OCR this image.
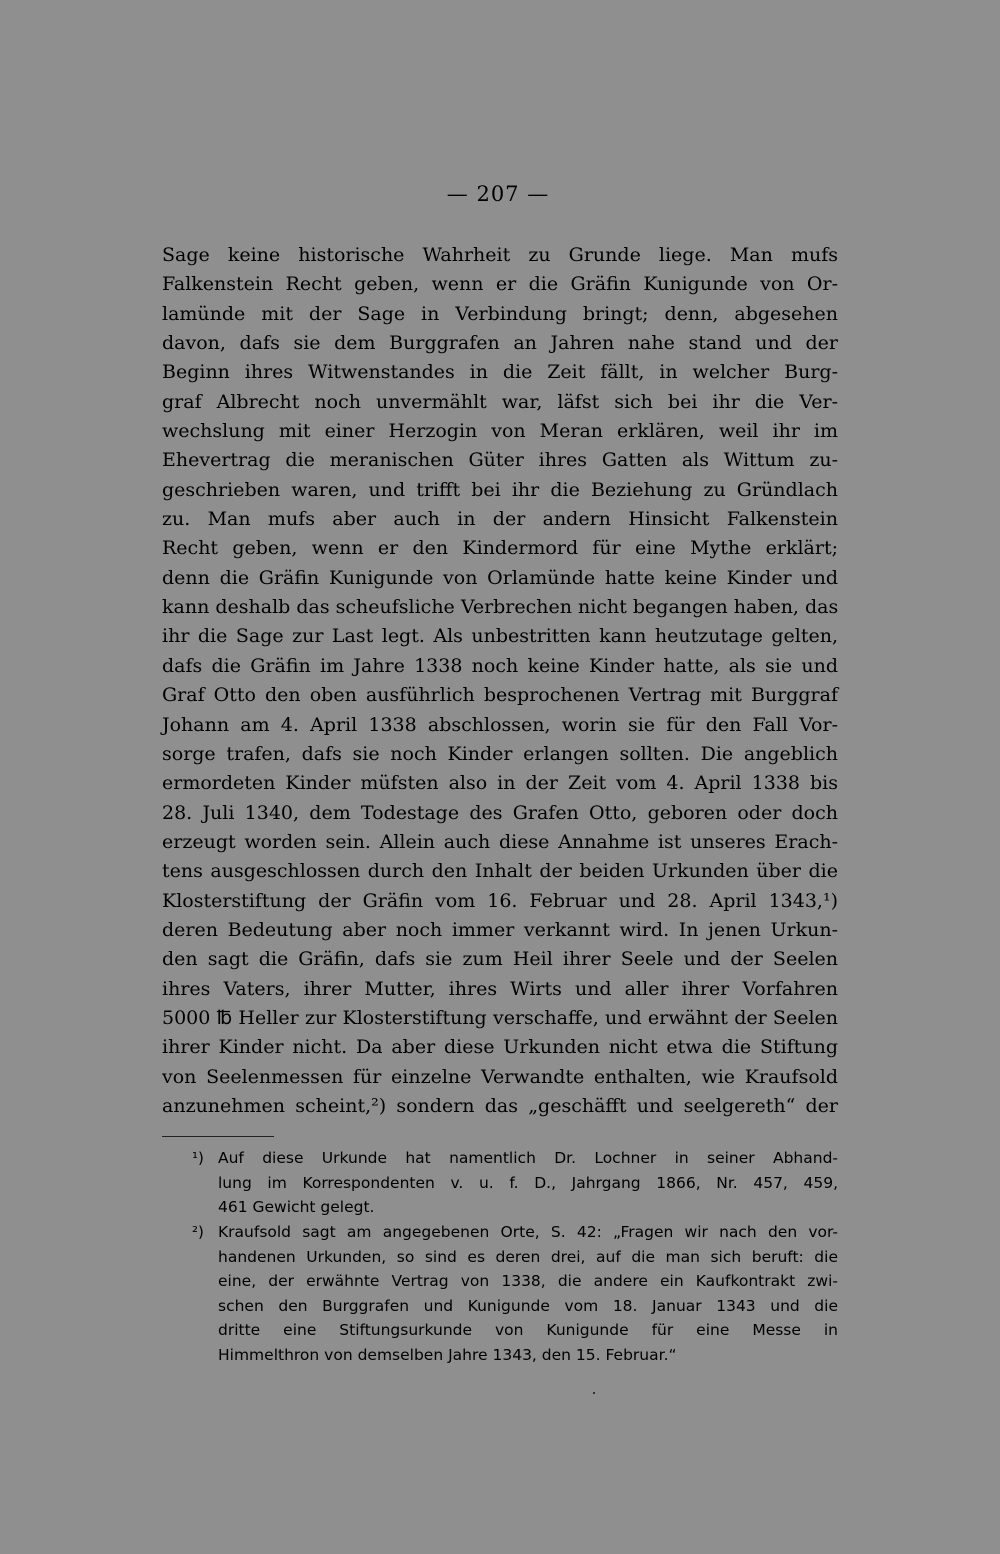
— 207 —
Sage keine historische Wahrheit zu Grunde liege. Man mufs
Falkenstein Recht geben, wenn er die Gräfin Kunigunde von Or-
lamünde mit der Sage in Verbindung bringt; denn, abgesehen
davon, dafs sie dem Burggrafen an Jahren nahe stand und der
Beginn ihres Witwenstandes in die Zeit fällt, in welcher Burg-
graf Albrecht noch unvermählt war, läfst sich bei ihr die Ver-
wechslung mit einer Herzogin von Meran erklären, weil ihr im
Ehevertrag die meranischen Güter ihres Gatten als Wittum zu-
geschrieben waren, und trifft bei ihr die Beziehung zu Gründlach
zu. Man mufs aber auch in der andern Hinsicht Falkenstein
Recht geben, wenn er den Kindermord für eine Mythe erklärt;
denn die Gräfin Kunigunde von Orlamünde hatte keine Kinder und
kann deshalb das scheufsliche Verbrechen nicht begangen haben, das
ihr die Sage zur Last legt. Als unbestritten kann heutzutage gelten,
dafs die Gräfin im Jahre 1338 noch keine Kinder hatte, als sie und
Graf Otto den oben ausführlich besprochenen Vertrag mit Burggraf
Johann am 4. April 1338 abschlossen, worin sie für den Fall Vor-
sorge trafen, dafs sie noch Kinder erlangen sollten. Die angeblich
ermordeten Kinder müfsten also in der Zeit vom 4. April 1338 bis
28. Juli 1340, dem Todestage des Grafen Otto, geboren oder doch
erzeugt worden sein. Allein auch diese Annahme ist unseres Erach-
tens ausgeschlossen durch den Inhalt der beiden Urkunden über die
Klosterstiftung der Gräfin vom 16. Februar und 28. April 1343,¹)
deren Bedeutung aber noch immer verkannt wird. In jenen Urkun-
den sagt die Gräfin, dafs sie zum Heil ihrer Seele und der Seelen
ihres Vaters, ihrer Mutter, ihres Wirts und aller ihrer Vorfahren
5000 ℔ Heller zur Klosterstiftung verschaffe, und erwähnt der Seelen
ihrer Kinder nicht. Da aber diese Urkunden nicht etwa die Stiftung
von Seelenmessen für einzelne Verwandte enthalten, wie Kraufsold
anzunehmen scheint,²) sondern das „geschäfft und seelgereth“ der
¹) Auf diese Urkunde hat namentlich Dr. Lochner in seiner Abhand-
lung im Korrespondenten v. u. f. D., Jahrgang 1866, Nr. 457, 459,
461 Gewicht gelegt.
²) Kraufsold sagt am angegebenen Orte, S. 42: „Fragen wir nach den vor-
handenen Urkunden, so sind es deren drei, auf die man sich beruft: die
eine, der erwähnte Vertrag von 1338, die andere ein Kaufkontrakt zwi-
schen den Burggrafen und Kunigunde vom 18. Januar 1343 und die
dritte eine Stiftungsurkunde von Kunigunde für eine Messe in
Himmelthron von demselben Jahre 1343, den 15. Februar.“
